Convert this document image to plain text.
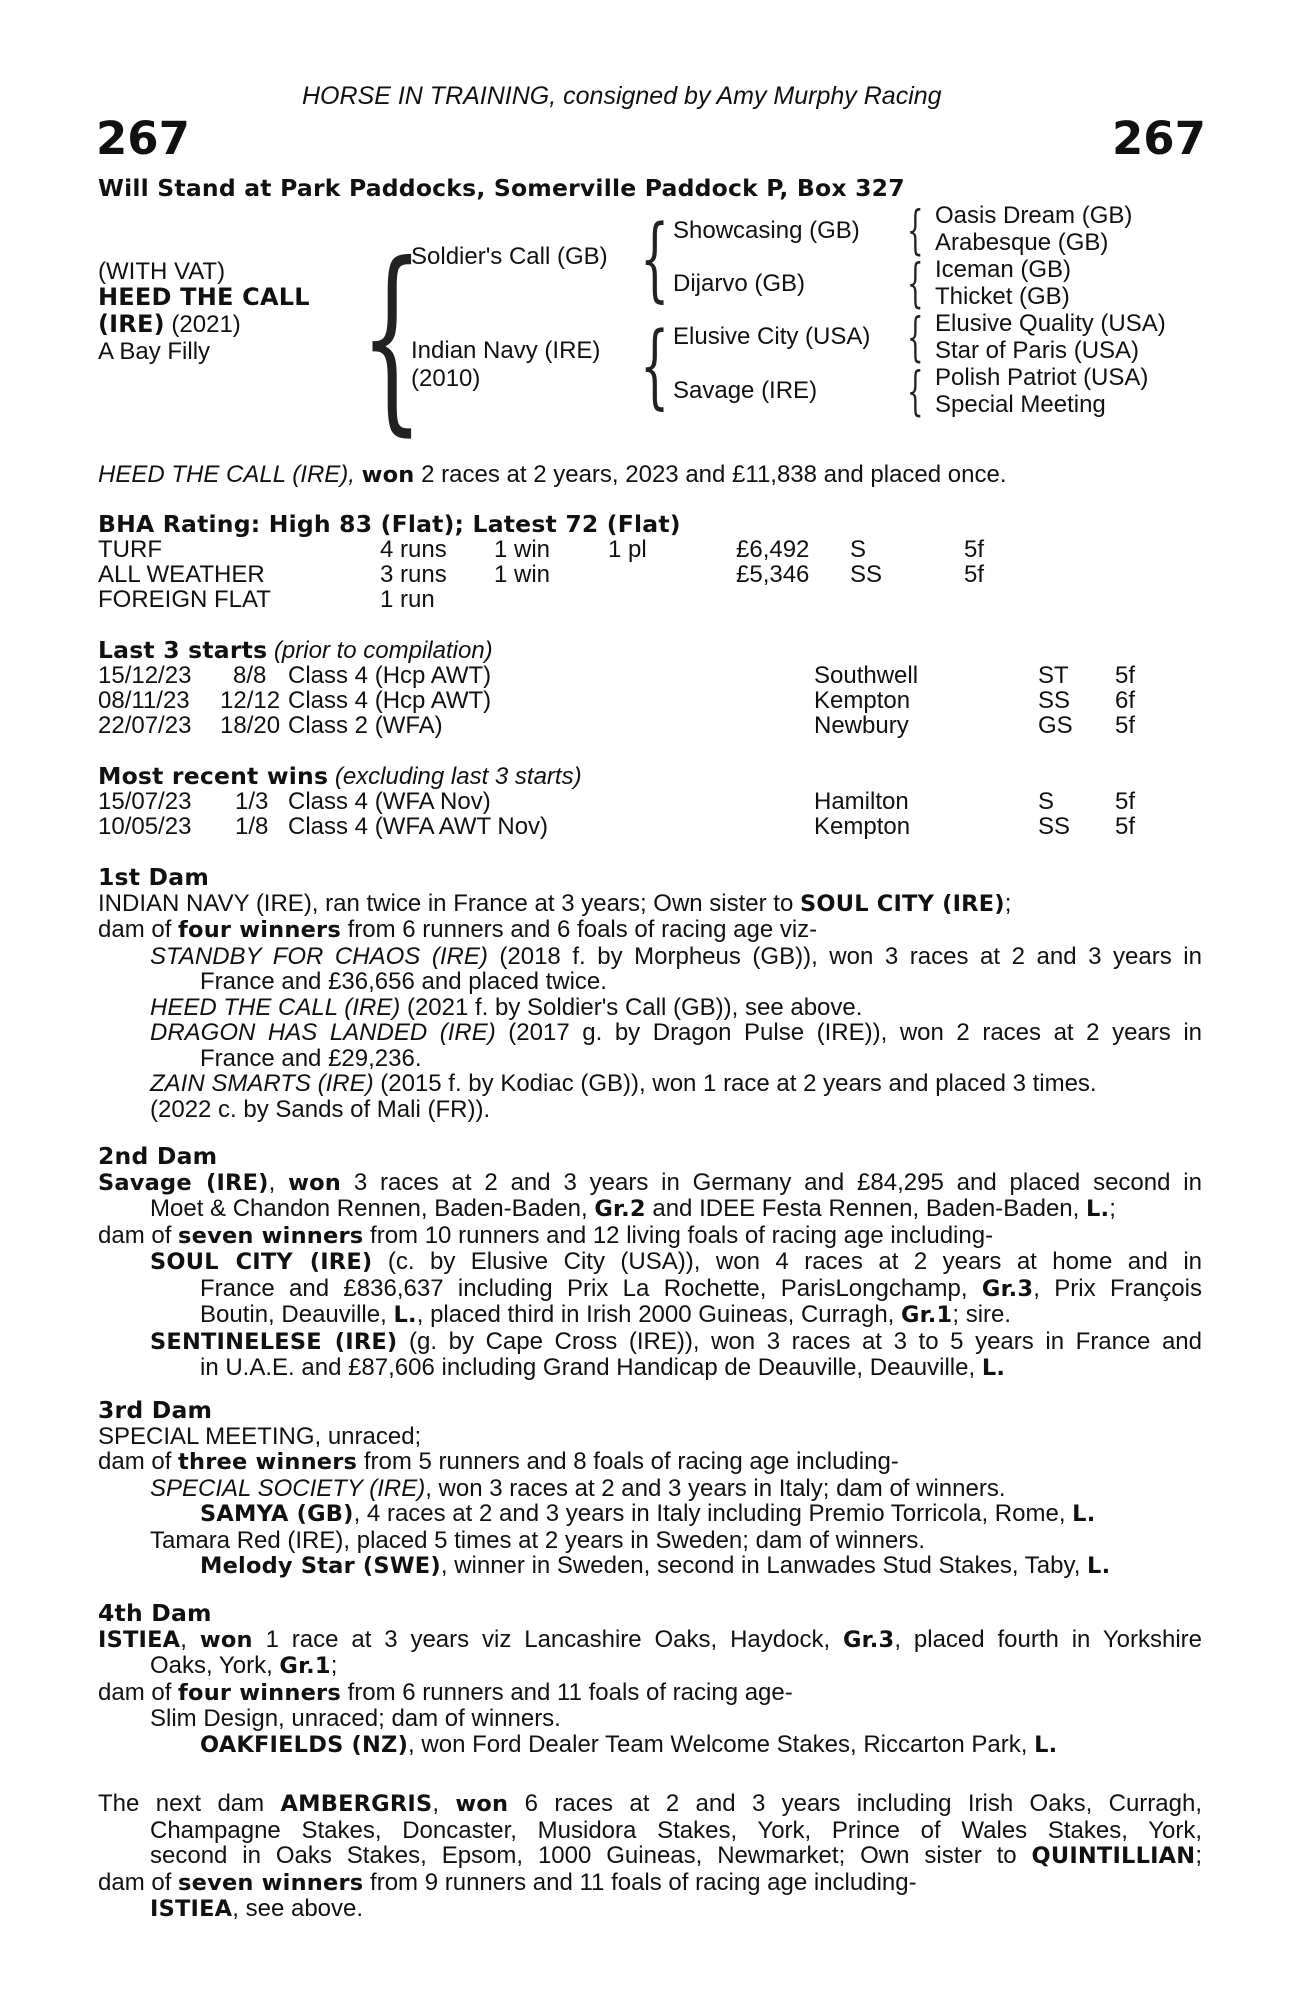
HORSE IN TRAINING, consigned by Amy Murphy Racing
267	267
Will Stand at Park Paddocks, Somerville Paddock P, Box 327
(WITH VAT)
HEED THE CALL
(IRE) (2021)
A Bay Filly {
Soldier's Call (GB)
Indian Navy (IRE)
(2010)
{ Showcasing (GB)
Dijarvo (GB)
{ Elusive City (USA)
Savage (IRE)
{ Oasis Dream (GB)
Arabesque (GB)
{ Iceman (GB)
Thicket (GB)
{ Elusive Quality (USA)
Star of Paris (USA)
{ Polish Patriot (USA)
Special Meeting
HEED THE CALL (IRE), won 2 races at 2 years, 2023 and £11,838 and placed once.
BHA Rating: High 83 (Flat); Latest 72 (Flat)
TURF	4 runs 1 win 1 pl	£6,492 S	5f
ALL WEATHER	3 runs 1 win	£5,346 SS	5f
FOREIGN FLAT	1 run
Last 3 starts (prior to compilation)
15/12/23 8/8 Class 4 (Hcp AWT)	Southwell	ST 5f
08/11/23 12/12 Class 4 (Hcp AWT)	Kempton	SS 6f
22/07/23 18/20 Class 2 (WFA)	Newbury	GS 5f
Most recent wins (excluding last 3 starts)
15/07/23 1/3 Class 4 (WFA Nov)	Hamilton	S	5f
10/05/23 1/8 Class 4 (WFA AWT Nov)	Kempton	SS 5f

1st Dam

INDIAN NAVY (IRE), ran twice in France at 3 years; Own sister to SOUL CITY (IRE);

dam of four winners from 6 runners and 6 foals of racing age viz-

STANDBY FOR CHAOS (IRE) (2018 f. by Morpheus (GB)), won 3 races at 2 and 3 years in

France and £36,656 and placed twice.

HEED THE CALL (IRE) (2021 f. by Soldier's Call (GB)), see above.

DRAGON HAS LANDED (IRE) (2017 g. by Dragon Pulse (IRE)), won 2 races at 2 years in

France and £29,236.

ZAIN SMARTS (IRE) (2015 f. by Kodiac (GB)), won 1 race at 2 years and placed 3 times.

(2022 c. by Sands of Mali (FR)).

2nd Dam

Savage (IRE), won 3 races at 2 and 3 years in Germany and £84,295 and placed second in

Moet & Chandon Rennen, Baden-Baden, Gr.2 and IDEE Festa Rennen, Baden-Baden, L.;

dam of seven winners from 10 runners and 12 living foals of racing age including-

SOUL CITY (IRE) (c. by Elusive City (USA)), won 4 races at 2 years at home and in

France and £836,637 including Prix La Rochette, ParisLongchamp, Gr.3, Prix François

Boutin, Deauville, L., placed third in Irish 2000 Guineas, Curragh, Gr.1; sire.

SENTINELESE (IRE) (g. by Cape Cross (IRE)), won 3 races at 3 to 5 years in France and

in U.A.E. and £87,606 including Grand Handicap de Deauville, Deauville, L.

3rd Dam

SPECIAL MEETING, unraced;

dam of three winners from 5 runners and 8 foals of racing age including-

SPECIAL SOCIETY (IRE), won 3 races at 2 and 3 years in Italy; dam of winners.

SAMYA (GB), 4 races at 2 and 3 years in Italy including Premio Torricola, Rome, L.

Tamara Red (IRE), placed 5 times at 2 years in Sweden; dam of winners.

Melody Star (SWE), winner in Sweden, second in Lanwades Stud Stakes, Taby, L.

4th Dam

ISTIEA, won 1 race at 3 years viz Lancashire Oaks, Haydock, Gr.3, placed fourth in Yorkshire

Oaks, York, Gr.1;

dam of four winners from 6 runners and 11 foals of racing age-

Slim Design, unraced; dam of winners.

OAKFIELDS (NZ), won Ford Dealer Team Welcome Stakes, Riccarton Park, L.

The next dam AMBERGRIS, won 6 races at 2 and 3 years including Irish Oaks, Curragh,

Champagne Stakes, Doncaster, Musidora Stakes, York, Prince of Wales Stakes, York,

second in Oaks Stakes, Epsom, 1000 Guineas, Newmarket; Own sister to QUINTILLIAN;

dam of seven winners from 9 runners and 11 foals of racing age including-

ISTIEA, see above.
